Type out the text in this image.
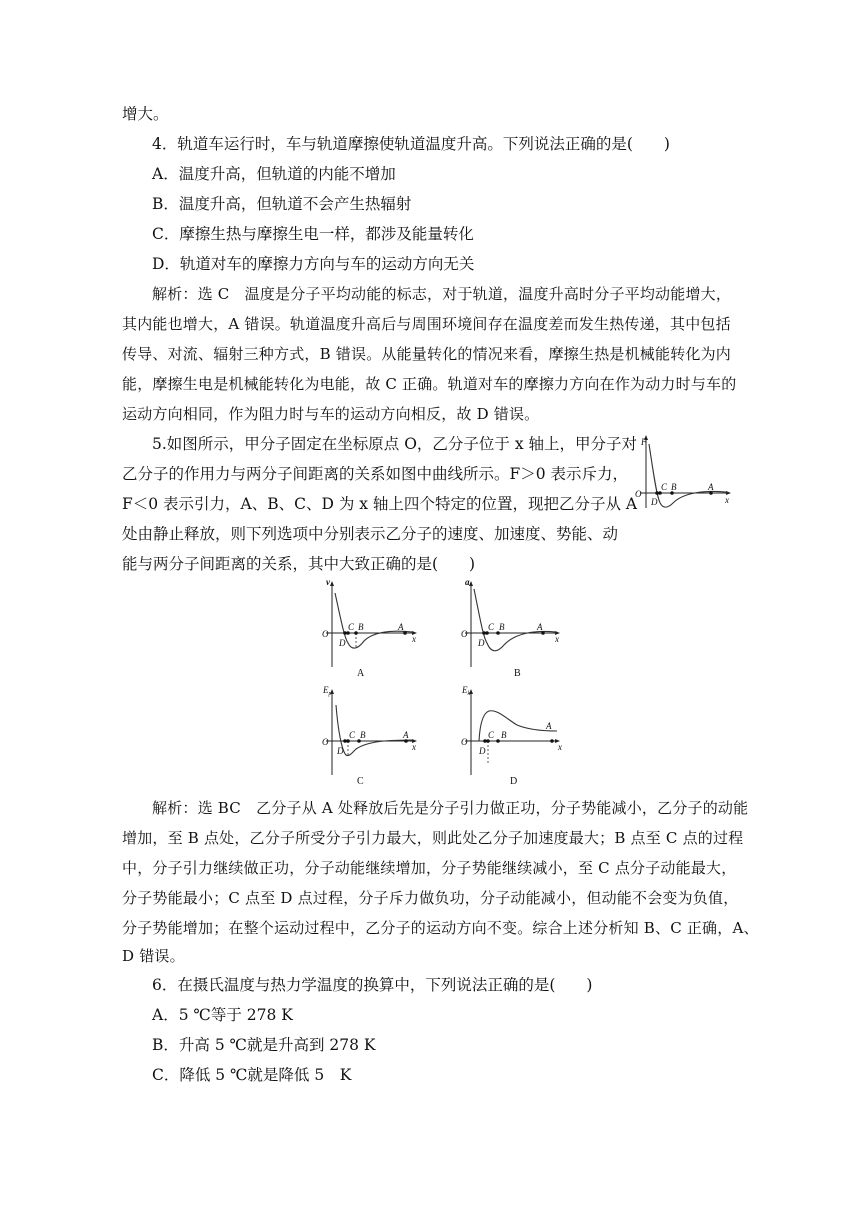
增大。
4．轨道车运行时，车与轨道摩擦使轨道温度升高。下列说法正确的是(　　)
A．温度升高，但轨道的内能不增加
B．温度升高，但轨道不会产生热辐射
C．摩擦生热与摩擦生电一样，都涉及能量转化
D．轨道对车的摩擦力方向与车的运动方向无关
解析：选 C　温度是分子平均动能的标志，对于轨道，温度升高时分子平均动能增大，
其内能也增大，A 错误。轨道温度升高后与周围环境间存在温度差而发生热传递，其中包括
传导、对流、辐射三种方式，B 错误。从能量转化的情况来看，摩擦生热是机械能转化为内
能，摩擦生电是机械能转化为电能，故 C 正确。轨道对车的摩擦力方向在作为动力时与车的
运动方向相同，作为阻力时与车的运动方向相反，故 D 错误。
5.如图所示，甲分子固定在坐标原点 O，乙分子位于 x 轴上，甲分子对
乙分子的作用力与两分子间距离的关系如图中曲线所示。F＞0 表示斥力，
F＜0 表示引力，A、B、C、D 为 x 轴上四个特定的位置，现把乙分子从 A
处由静止释放，则下列选项中分别表示乙分子的速度、加速度、势能、动
能与两分子间距离的关系，其中大致正确的是(　　)
F
O
x
C B	A
D
v
O	x
C B	A
D
A
a
O	x
C B	A
D
B
$E_p$
O	x
C B	A
D
C
$E_k$
O	x
C B
A
D
D
解析：选 BC　乙分子从 A 处释放后先是分子引力做正功，分子势能减小，乙分子的动能
增加，至 B 点处，乙分子所受分子引力最大，则此处乙分子加速度最大；B 点至 C 点的过程
中，分子引力继续做正功，分子动能继续增加，分子势能继续减小，至 C 点分子动能最大，
分子势能最小；C 点至 D 点过程，分子斥力做负功，分子动能减小，但动能不会变为负值，
分子势能增加；在整个运动过程中，乙分子的运动方向不变。综合上述分析知 B、C 正确，A、
D 错误。
6．在摄氏温度与热力学温度的换算中，下列说法正确的是(　　)
A．5 ℃等于 278 K
B．升高 5 ℃就是升高到 278 K
C．降低 5 ℃就是降低 5　K
